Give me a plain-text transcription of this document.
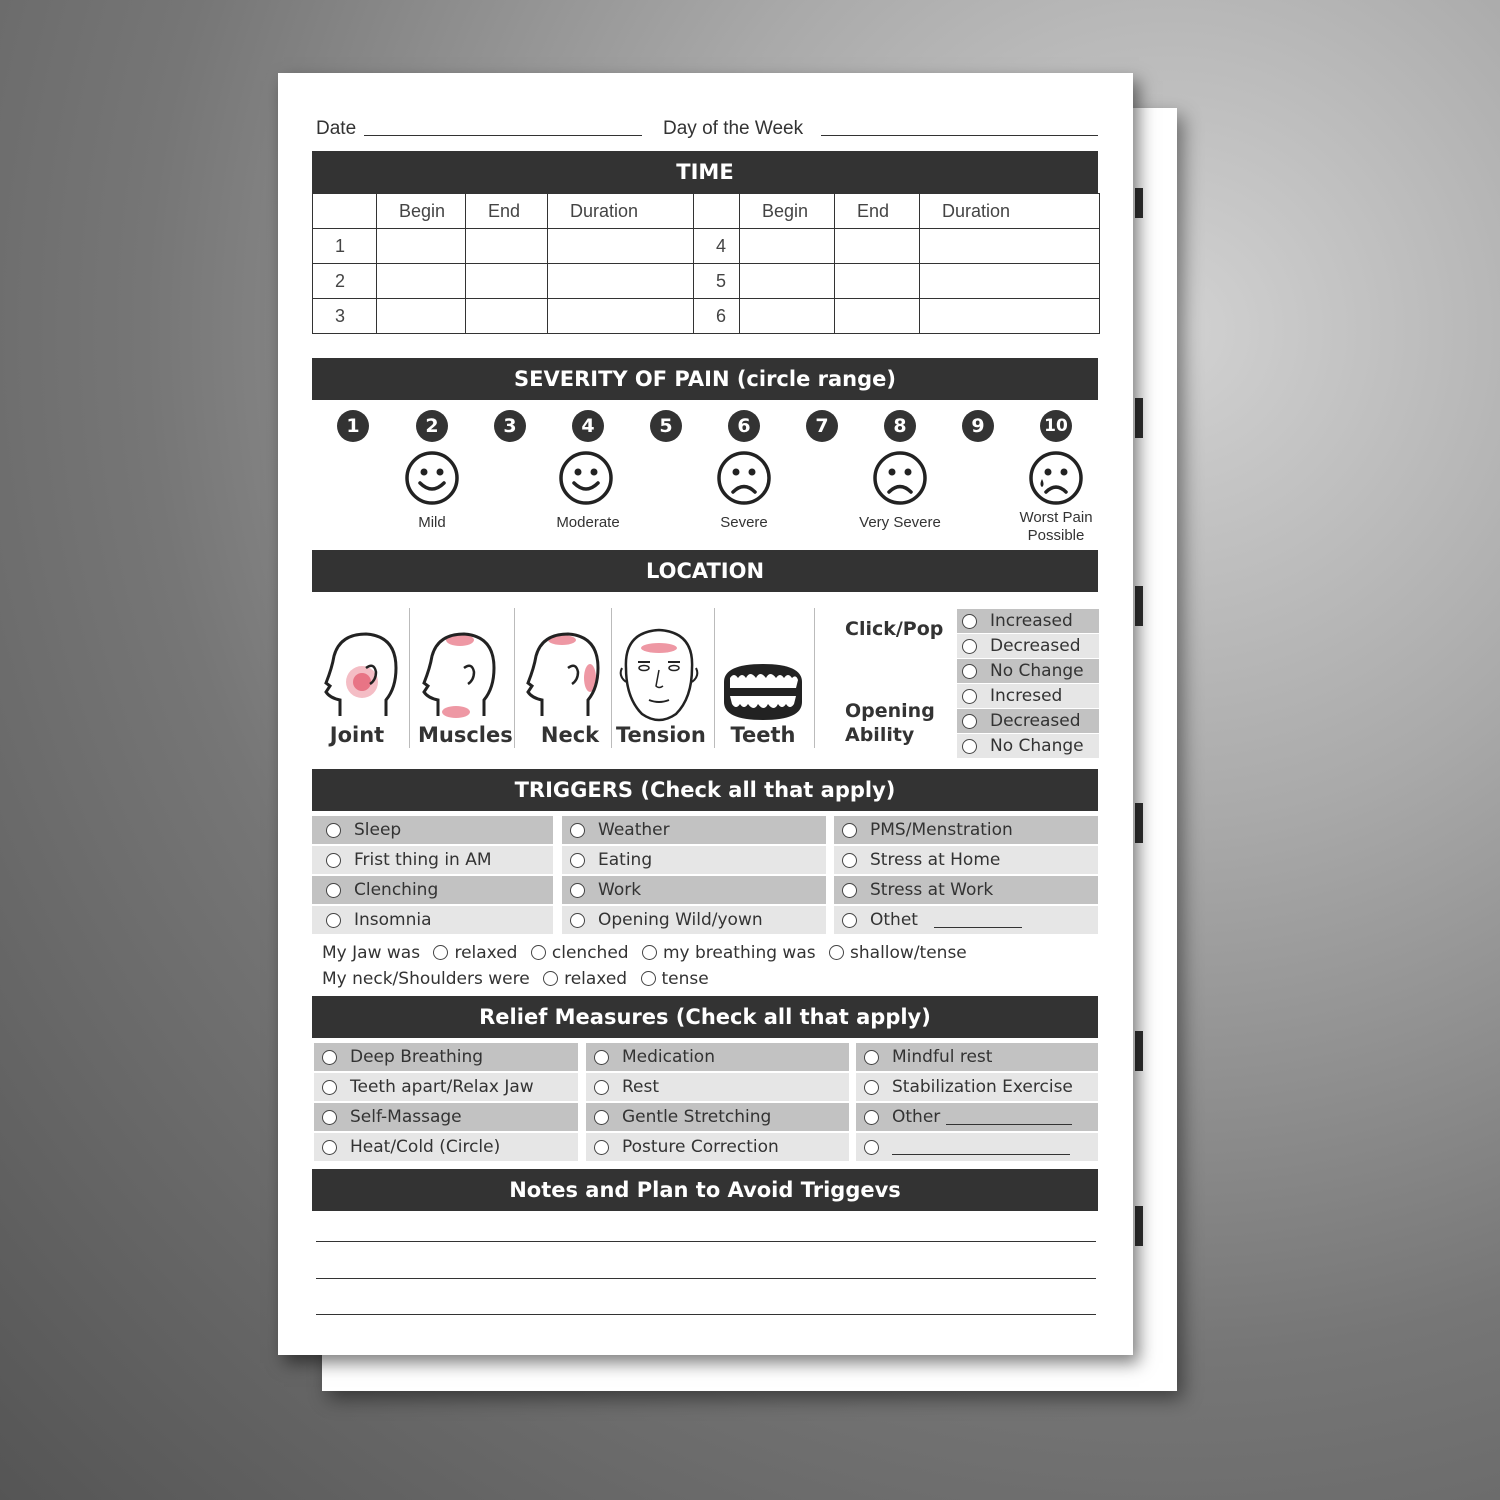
Date	Day of the Week
TIME
	Begin	End	Duration		Begin	End	Duration
1				4			
2				5			
3				6			
SEVERITY OF PAIN (circle range)
1	2	3	4	5	6	7	8	9	10
Mild	Moderate	Severe	Very Severe	Worst Pain
Possible
LOCATION
Joint	Muscles Neck Tension Teeth
Click/Pop
Opening
Ability
Increased
Decreased
No Change
Incresed
Decreased
No Change
TRIGGERS (Check all that apply)
Sleep
Frist thing in AM
Clenching
Insomnia
Weather
Eating
Work
Opening Wild/yown
PMS/Menstration
Stress at Home
Stress at Work
Othet
My Jaw was relaxed clenched my breathing was shallow/tense
My neck/Shoulders were relaxed tense
Relief Measures (Check all that apply)
Deep Breathing
Teeth apart/Relax Jaw
Self-Massage
Heat/Cold (Circle)
Medication
Rest
Gentle Stretching
Posture Correction
Mindful rest
Stabilization Exercise
Other
Notes and Plan to Avoid Triggevs
